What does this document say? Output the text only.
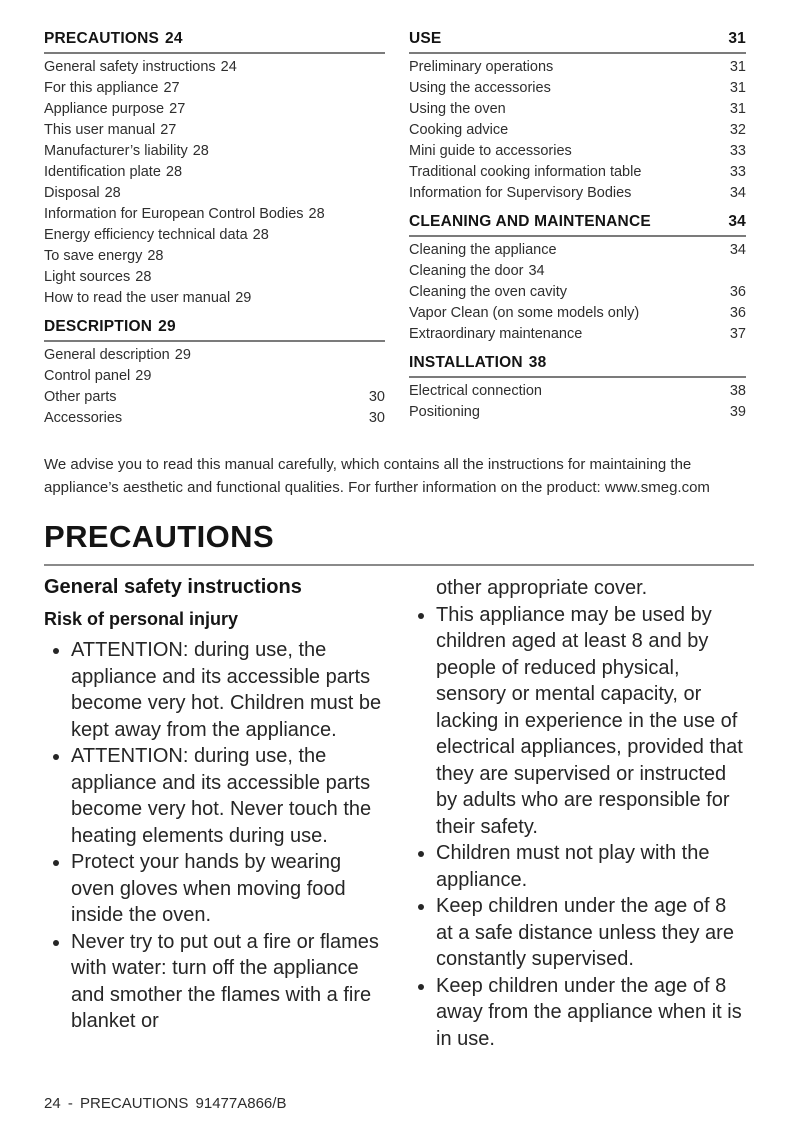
PRECAUTIONS 24
General safety instructions 24
For this appliance 27
Appliance purpose 27
This user manual 27
Manufacturer’s liability 28
Identification plate 28
Disposal 28
Information for European Control Bodies 28
Energy efficiency technical data 28
To save energy 28
Light sources 28
How to read the user manual 29
DESCRIPTION 29
General description 29
Control panel 29
Other parts	30
Accessories	30
USE	31
Preliminary operations	31
Using the accessories	31
Using the oven	31
Cooking advice	32
Mini guide to accessories	33
Traditional cooking information table	33
Information for Supervisory Bodies	34
CLEANING AND MAINTENANCE	34
Cleaning the appliance	34
Cleaning the door 34
Cleaning the oven cavity	36
Vapor Clean (on some models only)	36
Extraordinary maintenance	37
INSTALLATION 38
Electrical connection	38
Positioning	39

We advise you to read this manual carefully, which contains all the instructions for maintaining the appliance’s aesthetic and functional qualities. For further information on the product: www.smeg.com

PRECAUTIONS
General safety instructions
Risk of personal injury
• ATTENTION: during use, the appliance and its accessible parts become very hot. Children must be kept away from the appliance.
• ATTENTION: during use, the appliance and its accessible parts become very hot. Never touch the heating elements during use.
• Protect your hands by wearing oven gloves when moving food inside the oven.
• Never try to put out a fire or flames with water: turn off the appliance and smother the flames with a fire blanket or
other appropriate cover.
• This appliance may be used by children aged at least 8 and by people of reduced physical, sensory or mental capacity, or lacking in experience in the use of electrical appliances, provided that they are supervised or instructed by adults who are responsible for their safety.
• Children must not play with the appliance.
• Keep children under the age of 8 at a safe distance unless they are constantly supervised.
• Keep children under the age of 8 away from the appliance when it is in use.
24 - PRECAUTIONS 91477A866/B
